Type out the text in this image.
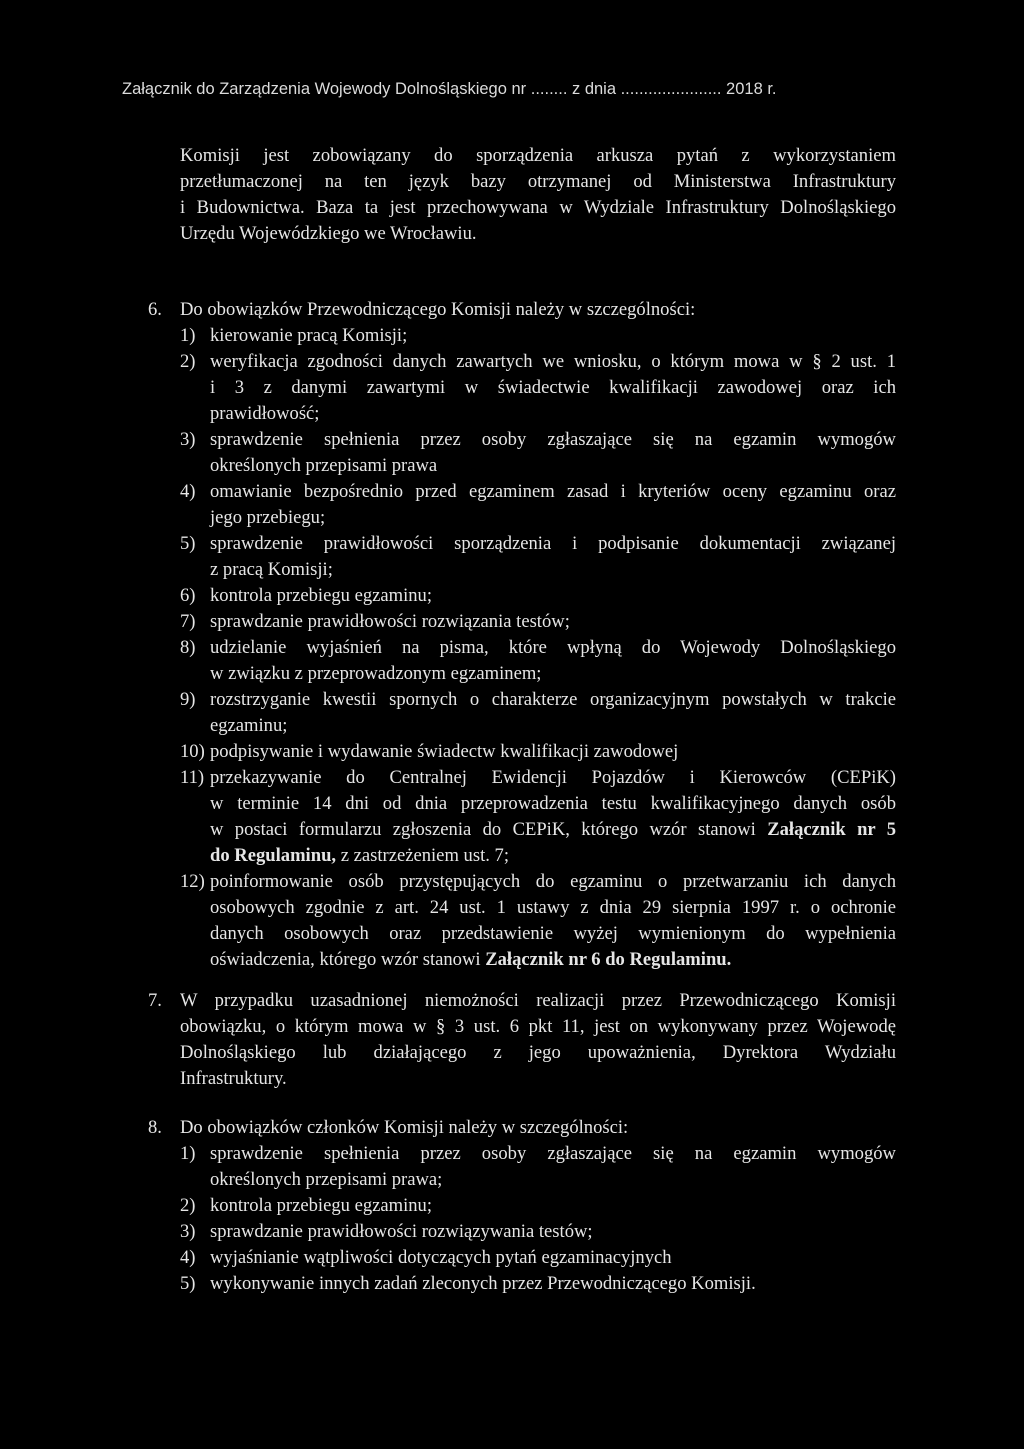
Załącznik do Zarządzenia Wojewody Dolnośląskiego nr ........ z dnia ...................... 2018 r.
Komisji jest zobowiązany do sporządzenia arkusza pytań z wykorzystaniem
przetłumaczonej na ten język bazy otrzymanej od Ministerstwa Infrastruktury
i Budownictwa. Baza ta jest przechowywana w Wydziale Infrastruktury Dolnośląskiego
Urzędu Wojewódzkiego we Wrocławiu.
6. Do obowiązków Przewodniczącego Komisji należy w szczególności:
1) kierowanie pracą Komisji;
2) weryfikacja zgodności danych zawartych we wniosku, o którym mowa w § 2 ust. 1
i 3 z danymi zawartymi w świadectwie kwalifikacji zawodowej oraz ich
prawidłowość;
3) sprawdzenie spełnienia przez osoby zgłaszające się na egzamin wymogów
określonych przepisami prawa
4) omawianie bezpośrednio przed egzaminem zasad i kryteriów oceny egzaminu oraz
jego przebiegu;
5) sprawdzenie prawidłowości sporządzenia i podpisanie dokumentacji związanej
z pracą Komisji;
6) kontrola przebiegu egzaminu;
7) sprawdzanie prawidłowości rozwiązania testów;
8) udzielanie wyjaśnień na pisma, które wpłyną do Wojewody Dolnośląskiego
w związku z przeprowadzonym egzaminem;
9) rozstrzyganie kwestii spornych o charakterze organizacyjnym powstałych w trakcie
egzaminu;
10) podpisywanie i wydawanie świadectw kwalifikacji zawodowej
11) przekazywanie do Centralnej Ewidencji Pojazdów i Kierowców (CEPiK)
w terminie 14 dni od dnia przeprowadzenia testu kwalifikacyjnego danych osób
w postaci formularzu zgłoszenia do CEPiK, którego wzór stanowi Załącznik nr 5
do Regulaminu, z zastrzeżeniem ust. 7;
12) poinformowanie osób przystępujących do egzaminu o przetwarzaniu ich danych
osobowych zgodnie z art. 24 ust. 1 ustawy z dnia 29 sierpnia 1997 r. o ochronie
danych osobowych oraz przedstawienie wyżej wymienionym do wypełnienia
oświadczenia, którego wzór stanowi Załącznik nr 6 do Regulaminu.
7. W przypadku uzasadnionej niemożności realizacji przez Przewodniczącego Komisji
obowiązku, o którym mowa w § 3 ust. 6 pkt 11, jest on wykonywany przez Wojewodę
Dolnośląskiego lub działającego z jego upoważnienia, Dyrektora Wydziału
Infrastruktury.
8. Do obowiązków członków Komisji należy w szczególności:
1) sprawdzenie spełnienia przez osoby zgłaszające się na egzamin wymogów
określonych przepisami prawa;
2) kontrola przebiegu egzaminu;
3) sprawdzanie prawidłowości rozwiązywania testów;
4) wyjaśnianie wątpliwości dotyczących pytań egzaminacyjnych
5) wykonywanie innych zadań zleconych przez Przewodniczącego Komisji.
